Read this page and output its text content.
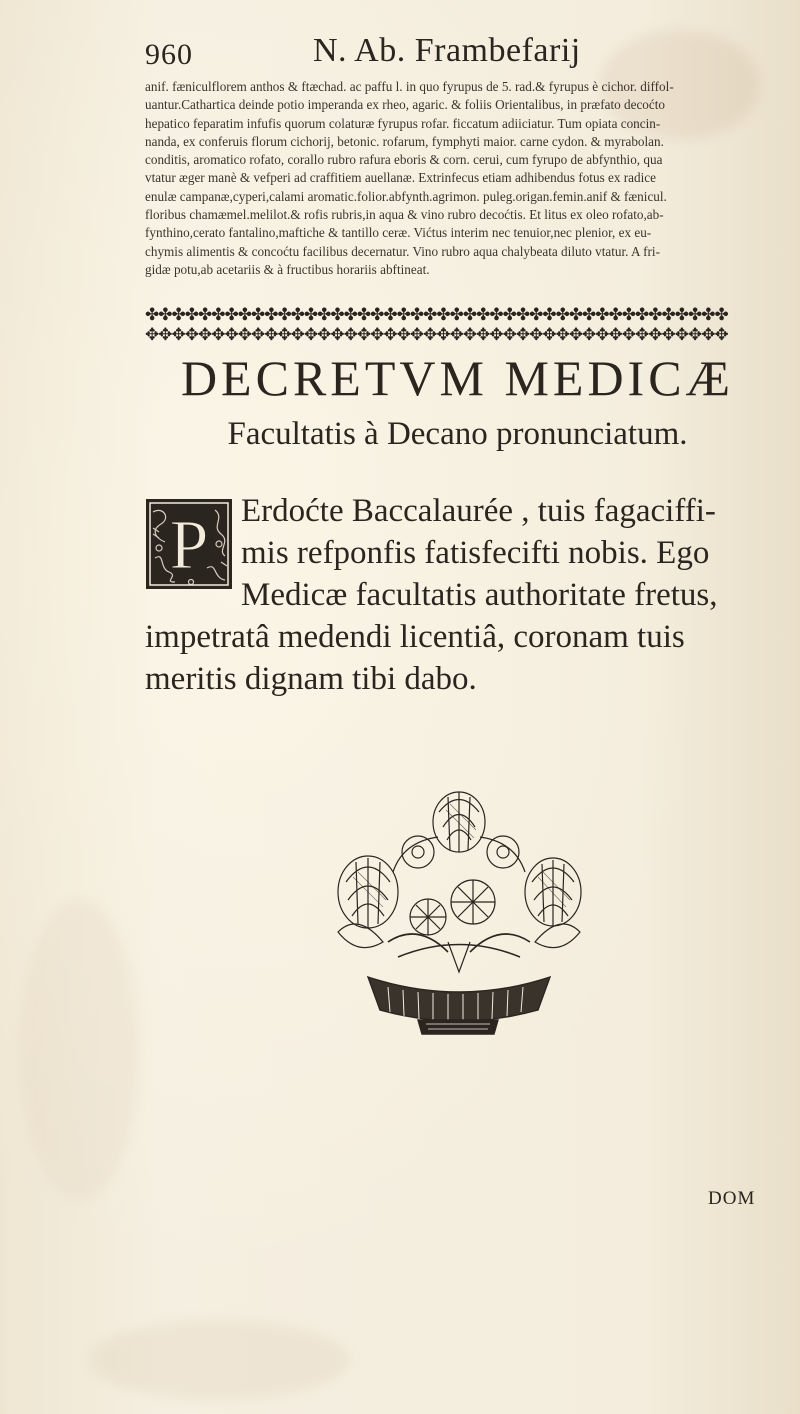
960	N. Ab. Frambefarij
anif. fæniculflorem anthos & ftæchad. ac paffu l. in quo fyrupus de 5. rad.& fyrupus è cichor. diffol-
uantur.Cathartica deinde potio imperanda ex rheo, agaric. & foliis Orientalibus, in præfato decoćto
hepatico feparatim infufis quorum colaturæ fyrupus rofar. ficcatum adiiciatur. Tum opiata concin-
nanda, ex conferuis florum cichorij, betonic. rofarum, fymphyti maior. carne cydon. & myrabolan.
conditis, aromatico rofato, corallo rubro rafura eboris & corn. cerui, cum fyrupo de abfynthio, qua
vtatur æger manè & vefperi ad craffitiem auellanæ. Extrinfecus etiam adhibendus fotus ex radice
enulæ campanæ,cyperi,calami aromatic.folior.abfynth.agrimon. puleg.origan.femin.anif & fænicul.
floribus chamæmel.melilot.& rofis rubris,in aqua & vino rubro decoćtis. Et litus ex oleo rofato,ab-
fynthino,cerato fantalino,maftiche & tantillo ceræ. Vićtus interim nec tenuior,nec plenior, ex eu-
chymis alimentis & concoćtu facilibus decernatur. Vino rubro aqua chalybeata diluto vtatur. A fri-
gidæ potu,ab acetariis & à fructibus horariis abftineat.
✤✤✤✤✤✤✤✤✤✤✤✤✤✤✤✤✤✤✤✤✤✤✤✤✤✤✤✤✤✤✤✤✤✤✤✤✤✤✤✤✤✤✤✤
✥✥✥✥✥✥✥✥✥✥✥✥✥✥✥✥✥✥✥✥✥✥✥✥✥✥✥✥✥✥✥✥✥✥✥✥✥✥✥✥✥✥✥✥
DECRETVM MEDICÆ
Facultatis à Decano pronunciatum.
Erdoćte Baccalaurée , tuis fagaciffi-
mis refponfis fatisfecifti nobis. Ego
Medicæ facultatis authoritate fretus,
impetratâ medendi licentiâ, coronam tuis
meritis dignam tibi dabo.
P
DOM
